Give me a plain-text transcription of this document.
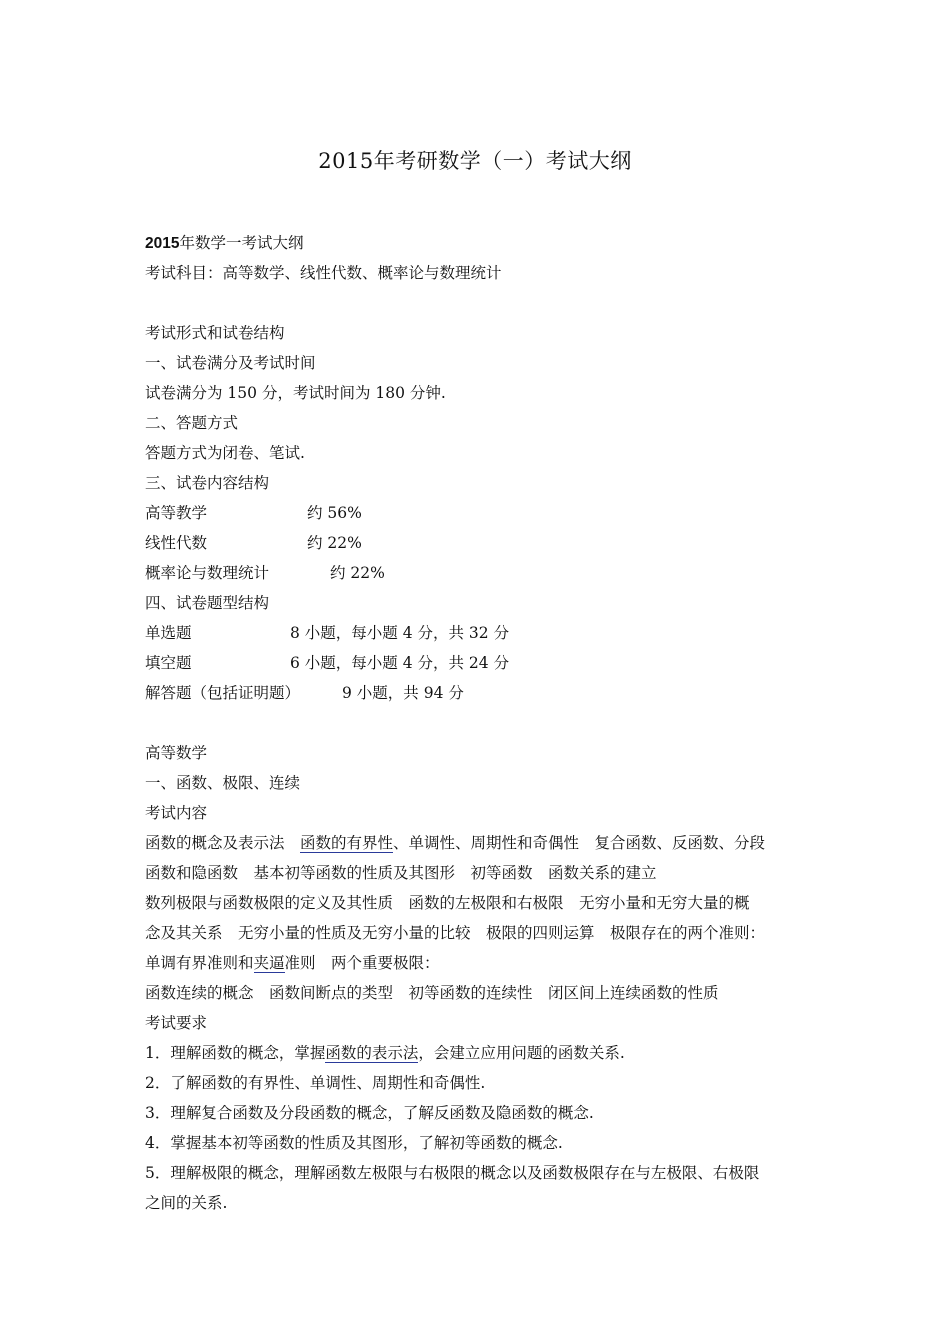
2015年考研数学（一）考试大纲
2015年数学一考试大纲
考试科目：高等数学、线性代数、概率论与数理统计
考试形式和试卷结构
一、试卷满分及考试时间
试卷满分为 150 分，考试时间为 180 分钟.
二、答题方式
答题方式为闭卷、笔试.
三、试卷内容结构
高等教学	约 56%
线性代数	约 22%
概率论与数理统计	约 22%
四、试卷题型结构
单选题	8 小题，每小题 4 分，共 32 分
填空题	6 小题，每小题 4 分，共 24 分
解答题（包括证明题）	9 小题，共 94 分
高等数学
一、函数、极限、连续
考试内容
函数的概念及表示法　函数的有界性、单调性、周期性和奇偶性　复合函数、反函数、分段
函数和隐函数　基本初等函数的性质及其图形　初等函数　函数关系的建立
数列极限与函数极限的定义及其性质　函数的左极限和右极限　无穷小量和无穷大量的概
念及其关系　无穷小量的性质及无穷小量的比较　极限的四则运算　极限存在的两个准则：
单调有界准则和夹逼准则　两个重要极限：
函数连续的概念　函数间断点的类型　初等函数的连续性　闭区间上连续函数的性质
考试要求
1．理解函数的概念，掌握函数的表示法，会建立应用问题的函数关系.
2．了解函数的有界性、单调性、周期性和奇偶性.
3．理解复合函数及分段函数的概念，了解反函数及隐函数的概念.
4．掌握基本初等函数的性质及其图形，了解初等函数的概念.
5．理解极限的概念，理解函数左极限与右极限的概念以及函数极限存在与左极限、右极限
之间的关系.
